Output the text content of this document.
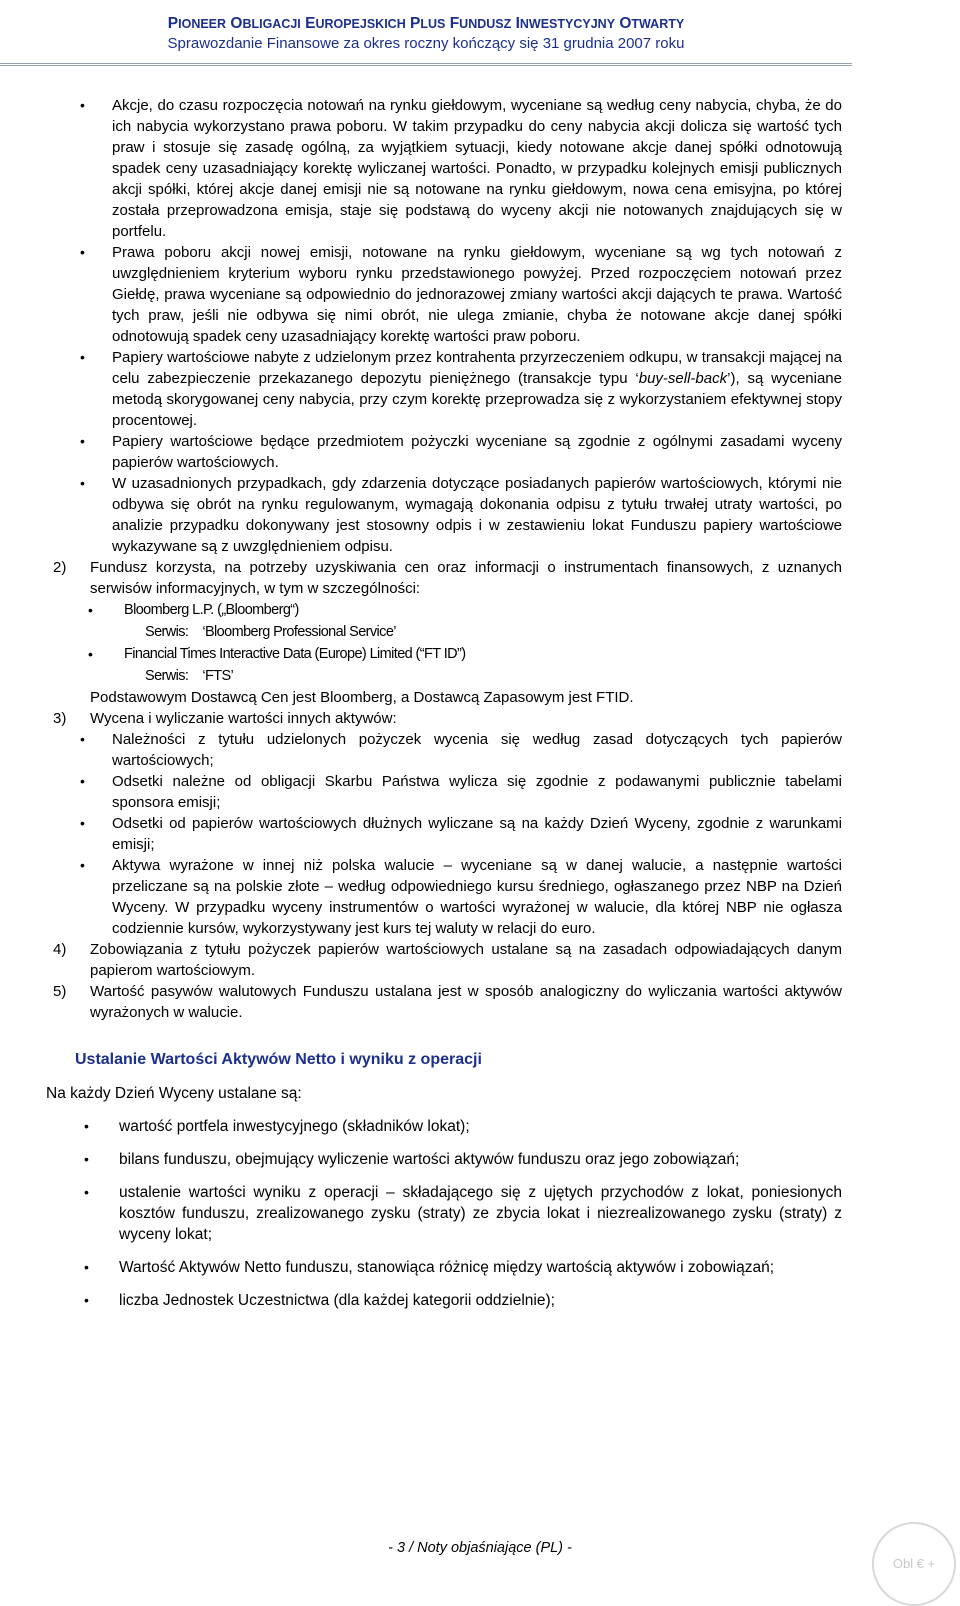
PIONEER OBLIGACJI EUROPEJSKICH PLUS FUNDUSZ INWESTYCYJNY OTWARTY
Sprawozdanie Finansowe za okres roczny kończący się 31 grudnia 2007 roku

• Akcje, do czasu rozpoczęcia notowań na rynku giełdowym, wyceniane są według ceny nabycia, chyba, że do ich nabycia wykorzystano prawa poboru. W takim przypadku do ceny nabycia akcji dolicza się wartość tych praw i stosuje się zasadę ogólną, za wyjątkiem sytuacji, kiedy notowane akcje danej spółki odnotowują spadek ceny uzasadniający korektę wyliczanej wartości. Ponadto, w przypadku kolejnych emisji publicznych akcji spółki, której akcje danej emisji nie są notowane na rynku giełdowym, nowa cena emisyjna, po której została przeprowadzona emisja, staje się podstawą do wyceny akcji nie notowanych znajdujących się w portfelu.

• Prawa poboru akcji nowej emisji, notowane na rynku giełdowym, wyceniane są wg tych notowań z uwzględnieniem kryterium wyboru rynku przedstawionego powyżej. Przed rozpoczęciem notowań przez Giełdę, prawa wyceniane są odpowiednio do jednorazowej zmiany wartości akcji dających te prawa. Wartość tych praw, jeśli nie odbywa się nimi obrót, nie ulega zmianie, chyba że notowane akcje danej spółki odnotowują spadek ceny uzasadniający korektę wartości praw poboru.

• Papiery wartościowe nabyte z udzielonym przez kontrahenta przyrzeczeniem odkupu, w transakcji mającej na celu zabezpieczenie przekazanego depozytu pieniężnego (transakcje typu ‘buy-sell-back’), są wyceniane metodą skorygowanej ceny nabycia, przy czym korektę przeprowadza się z wykorzystaniem efektywnej stopy procentowej.

• Papiery wartościowe będące przedmiotem pożyczki wyceniane są zgodnie z ogólnymi zasadami wyceny papierów wartościowych.

• W uzasadnionych przypadkach, gdy zdarzenia dotyczące posiadanych papierów wartościowych, którymi nie odbywa się obrót na rynku regulowanym, wymagają dokonania odpisu z tytułu trwałej utraty wartości, po analizie przypadku dokonywany jest stosowny odpis i w zestawieniu lokat Funduszu papiery wartościowe wykazywane są z uwzględnieniem odpisu.

2) Fundusz korzysta, na potrzeby uzyskiwania cen oraz informacji o instrumentach finansowych, z uznanych serwisów informacyjnych, w tym w szczególności:

• Bloomberg L.P. („Bloomberg“)

Serwis: ‘Bloomberg Professional Service’

• Financial Times Interactive Data (Europe) Limited (“FT ID”)

Serwis: ‘FTS’

Podstawowym Dostawcą Cen jest Bloomberg, a Dostawcą Zapasowym jest FTID.

3) Wycena i wyliczanie wartości innych aktywów:

• Należności z tytułu udzielonych pożyczek wycenia się według zasad dotyczących tych papierów wartościowych;

• Odsetki należne od obligacji Skarbu Państwa wylicza się zgodnie z podawanymi publicznie tabelami sponsora emisji;

• Odsetki od papierów wartościowych dłużnych wyliczane są na każdy Dzień Wyceny, zgodnie z warunkami emisji;

• Aktywa wyrażone w innej niż polska walucie – wyceniane są w danej walucie, a następnie wartości przeliczane są na polskie złote – według odpowiedniego kursu średniego, ogłaszanego przez NBP na Dzień Wyceny. W przypadku wyceny instrumentów o wartości wyrażonej w walucie, dla której NBP nie ogłasza codziennie kursów, wykorzystywany jest kurs tej waluty w relacji do euro.

4) Zobowiązania z tytułu pożyczek papierów wartościowych ustalane są na zasadach odpowiadających danym papierom wartościowym.

5) Wartość pasywów walutowych Funduszu ustalana jest w sposób analogiczny do wyliczania wartości aktywów wyrażonych w walucie.

Ustalanie Wartości Aktywów Netto i wyniku z operacji

Na każdy Dzień Wyceny ustalane są:

• wartość portfela inwestycyjnego (składników lokat);

• bilans funduszu, obejmujący wyliczenie wartości aktywów funduszu oraz jego zobowiązań;

• ustalenie wartości wyniku z operacji – składającego się z ujętych przychodów z lokat, poniesionych kosztów funduszu, zrealizowanego zysku (straty) ze zbycia lokat i niezrealizowanego zysku (straty) z wyceny lokat;

• Wartość Aktywów Netto funduszu, stanowiąca różnicę między wartością aktywów i zobowiązań;

• liczba Jednostek Uczestnictwa (dla każdej kategorii oddzielnie);

- 3 / Noty objaśniające (PL) -
Obl € +
